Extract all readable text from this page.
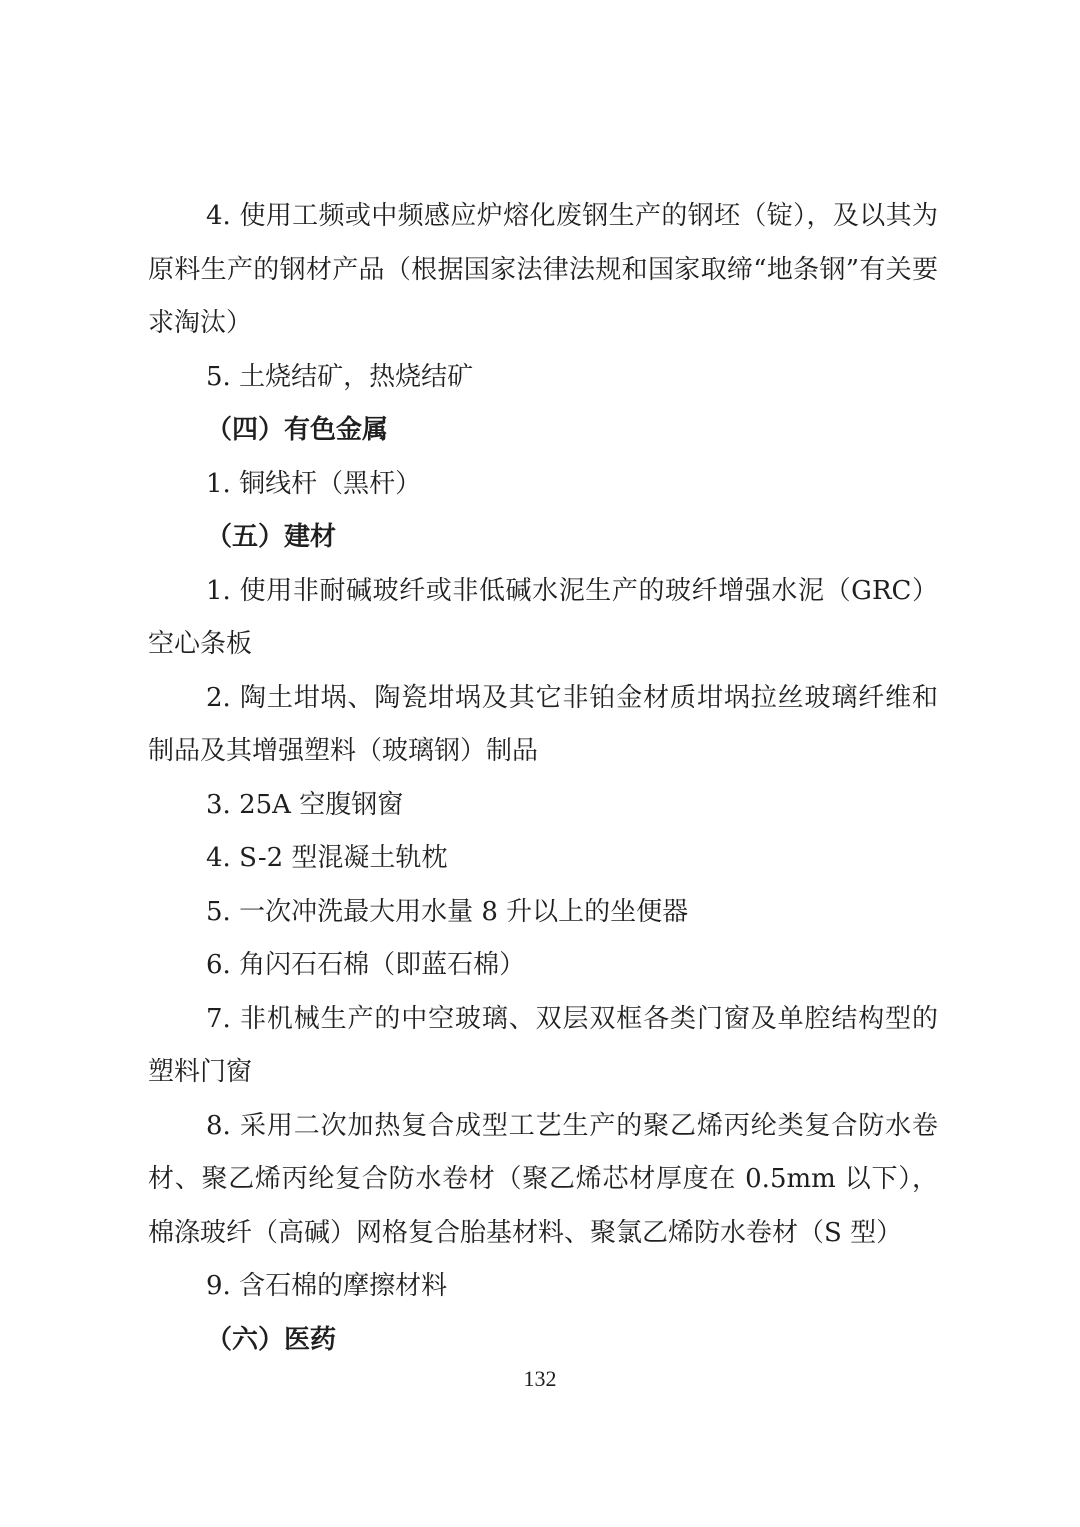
4. 使用工频或中频感应炉熔化废钢生产的钢坯（锭），及以其为原料生产的钢材产品（根据国家法律法规和国家取缔“地条钢”有关要求淘汰）

5. 土烧结矿，热烧结矿

（四）有色金属

1. 铜线杆（黑杆）

（五）建材

1. 使用非耐碱玻纤或非低碱水泥生产的玻纤增强水泥（GRC）空心条板

2. 陶土坩埚、陶瓷坩埚及其它非铂金材质坩埚拉丝玻璃纤维和制品及其增强塑料（玻璃钢）制品

3. 25A 空腹钢窗

4. S-2 型混凝土轨枕

5. 一次冲洗最大用水量 8 升以上的坐便器

6. 角闪石石棉（即蓝石棉）

7. 非机械生产的中空玻璃、双层双框各类门窗及单腔结构型的塑料门窗

8. 采用二次加热复合成型工艺生产的聚乙烯丙纶类复合防水卷材、聚乙烯丙纶复合防水卷材（聚乙烯芯材厚度在 0.5mm 以下），棉涤玻纤（高碱）网格复合胎基材料、聚氯乙烯防水卷材（S 型）

9. 含石棉的摩擦材料

（六）医药

132
